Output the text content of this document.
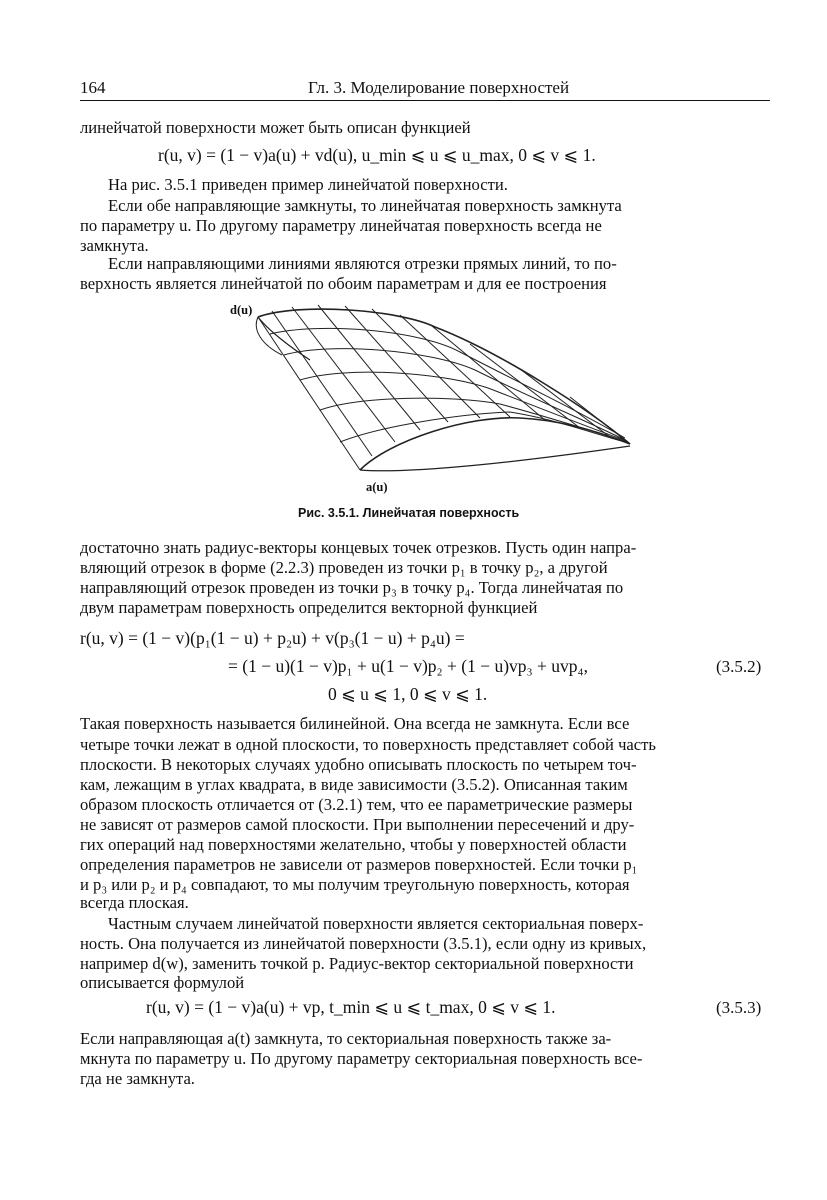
164	Гл. 3. Моделирование поверхностей
линейчатой поверхности может быть описан функцией
r(u, v) = (1 − v)a(u) + vd(u), u_min ⩽ u ⩽ u_max, 0 ⩽ v ⩽ 1.
На рис. 3.5.1 приведен пример линейчатой поверхности.
Если обе направляющие замкнуты, то линейчатая поверхность замкнута
по параметру u. По другому параметру линейчатая поверхность всегда не
замкнута.
Если направляющими линиями являются отрезки прямых линий, то по-
верхность является линейчатой по обоим параметрам и для ее построения
d(u)
a(u)
Рис. 3.5.1. Линейчатая поверхность
достаточно знать радиус-векторы концевых точек отрезков. Пусть один напра-
вляющий отрезок в форме (2.2.3) проведен из точки p₁ в точку p₂, а другой
направляющий отрезок проведен из точки p₃ в точку p₄. Тогда линейчатая по
двум параметрам поверхность определится векторной функцией
r(u, v) = (1 − v)(p₁(1 − u) + p₂u) + v(p₃(1 − u) + p₄u) =
= (1 − u)(1 − v)p₁ + u(1 − v)p₂ + (1 − u)vp₃ + uvp₄,	(3.5.2)
0 ⩽ u ⩽ 1, 0 ⩽ v ⩽ 1.
Такая поверхность называется билинейной. Она всегда не замкнута. Если все
четыре точки лежат в одной плоскости, то поверхность представляет собой часть
плоскости. В некоторых случаях удобно описывать плоскость по четырем точ-
кам, лежащим в углах квадрата, в виде зависимости (3.5.2). Описанная таким
образом плоскость отличается от (3.2.1) тем, что ее параметрические размеры
не зависят от размеров самой плоскости. При выполнении пересечений и дру-
гих операций над поверхностями желательно, чтобы у поверхностей области
определения параметров не зависели от размеров поверхностей. Если точки p₁
и p₃ или p₂ и p₄ совпадают, то мы получим треугольную поверхность, которая
всегда плоская.
Частным случаем линейчатой поверхности является секториальная поверх-
ность. Она получается из линейчатой поверхности (3.5.1), если одну из кривых,
например d(w), заменить точкой p. Радиус-вектор секториальной поверхности
описывается формулой
r(u, v) = (1 − v)a(u) + vp, t_min ⩽ u ⩽ t_max, 0 ⩽ v ⩽ 1.	(3.5.3)
Если направляющая a(t) замкнута, то секториальная поверхность также за-
мкнута по параметру u. По другому параметру секториальная поверхность все-
гда не замкнута.
